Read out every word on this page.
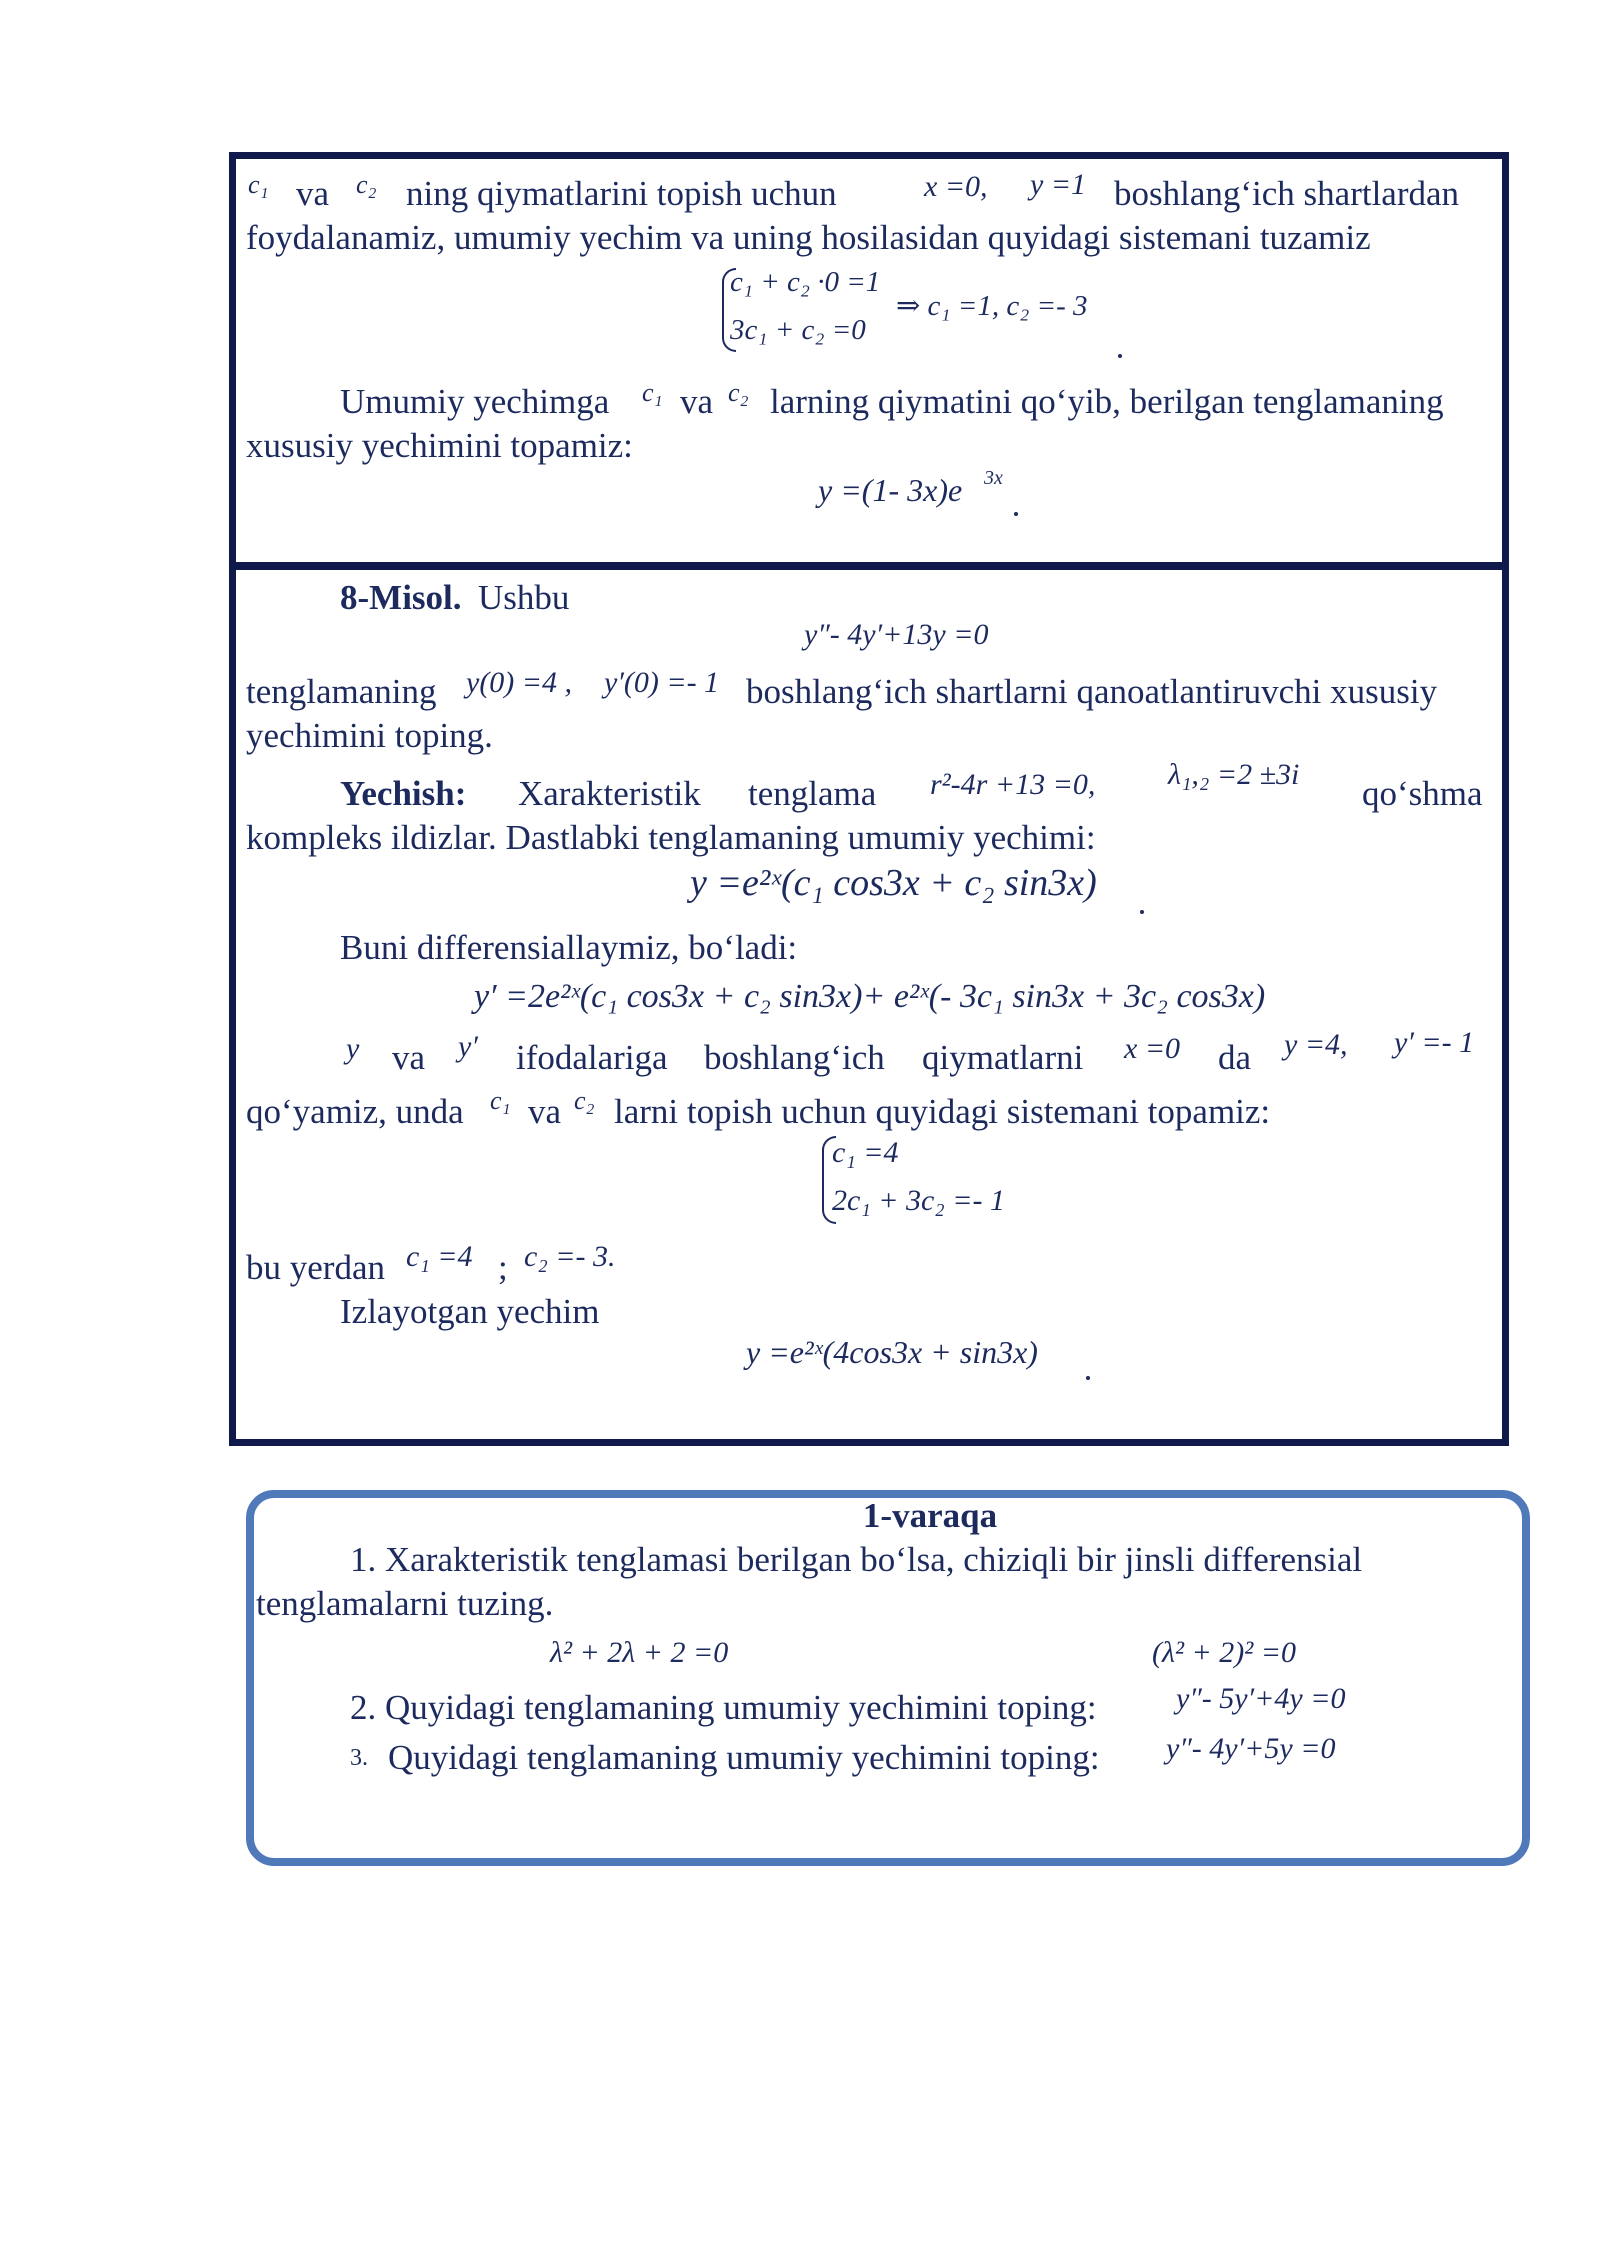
c₁ va c₂ ning qiymatlarini topish uchun	x =0, y =1 boshlang‘ich shartlardan
foydalanamiz, umumiy yechim va uning hosilasidan quyidagi sistemani tuzamiz
c₁ + c₂ ·0 =1
3c₁ + c₂ =0
⇒ c₁ =1, c₂ =- 3
Umumiy yechimga c₁ va c₂ larning qiymatini qo‘yib, berilgan tenglamaning
xususiy yechimini topamiz:
y =(1- 3x)e 3x
8-Misol. Ushbu
y″- 4y′+13y =0
tenglamaning y(0) =4 , y′(0) =- 1 boshlang‘ich shartlarni qanoatlantiruvchi xususiy
yechimini toping.
Yechish: Xarakteristik tenglama r²-4r +13 =0, λ₁,₂ =2 ±3i qo‘shma
kompleks ildizlar. Dastlabki tenglamaning umumiy yechimi:
y =e²ˣ(c₁ cos3x + c₂ sin3x)
Buni differensiallaymiz, bo‘ladi:
y′ =2e²ˣ(c₁ cos3x + c₂ sin3x)+ e²ˣ(- 3c₁ sin3x + 3c₂ cos3x)
y va y′ ifodalariga boshlang‘ich qiymatlarni x =0 da y =4, y′ =- 1
qo‘yamiz, unda c₁ va c₂ larni topish uchun quyidagi sistemani topamiz:
c₁ =4
2c₁ + 3c₂ =- 1
bu yerdan c₁ =4 ; c₂ =- 3.
Izlayotgan yechim
y =e²ˣ(4cos3x + sin3x)
1-varaqa
1. Xarakteristik tenglamasi berilgan bo‘lsa, chiziqli bir jinsli differensial
tenglamalarni tuzing.
λ² + 2λ + 2 =0	(λ² + 2)² =0
2. Quyidagi tenglamaning umumiy yechimini toping:	y″- 5y′+4y =0
3. Quyidagi tenglamaning umumiy yechimini toping: y″- 4y′+5y =0
